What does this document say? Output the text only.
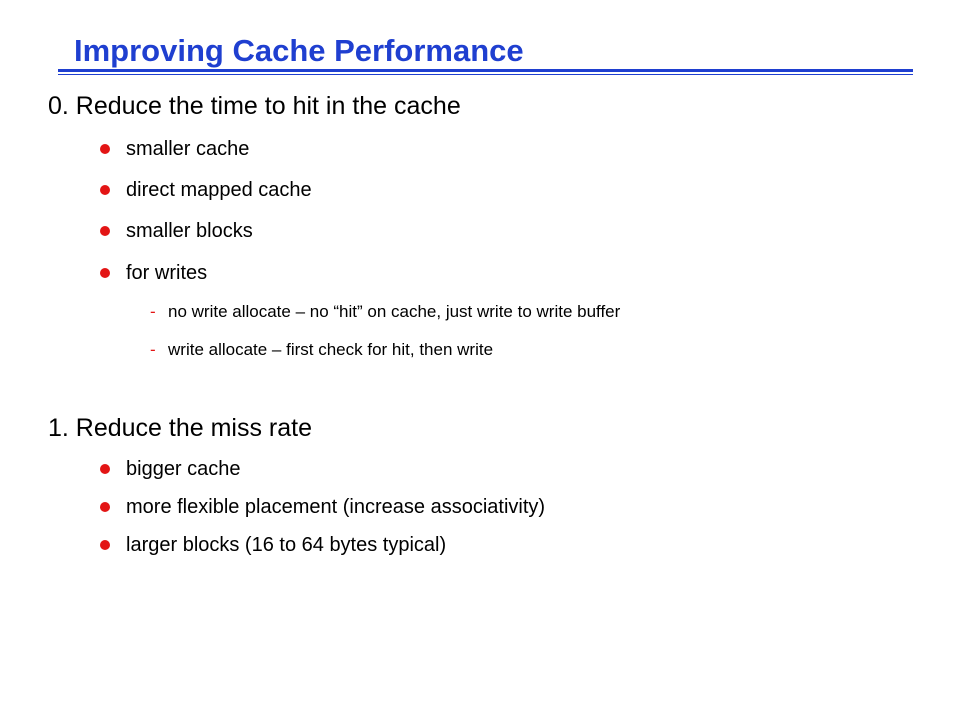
Improving Cache Performance
0. Reduce the time to hit in the cache
smaller cache
direct mapped cache
smaller blocks
for writes
- no write allocate – no “hit” on cache, just write to write buffer
- write allocate – first check for hit, then write
1. Reduce the miss rate
bigger cache
more flexible placement (increase associativity)
larger blocks (16 to 64 bytes typical)
